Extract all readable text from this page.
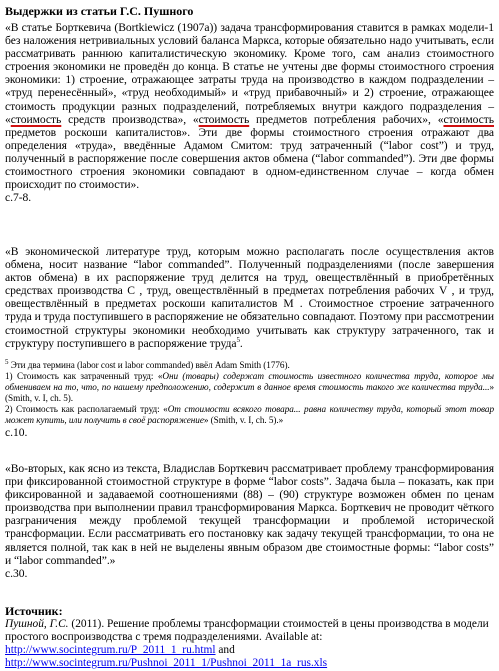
Выдержки из статьи Г.С. Пушного

«В статье Борткевича (Bortkiewicz (1907a)) задача трансформирования ставится в рамках модели-1 без наложения нетривиальных условий баланса Маркса, которые обязательно надо учитывать, если рассматривать раннюю капиталистическую экономику. Кроме того, сам анализ стоимостного строения экономики не проведён до конца. В статье не учтены две формы стоимостного строения экономики: 1) строение, отражающее затраты труда на производство в каждом подразделении – «труд перенесённый», «труд необходимый» и «труд прибавочный» и 2) строение, отражающее стоимость продукции разных подразделений, потребляемых внутри каждого подразделения – «стоимость средств производства», «стоимость предметов потребления рабочих», «стоимость предметов роскоши капиталистов». Эти две формы стоимостного строения отражают два определения «труда», введённые Адамом Смитом: труд затраченный (“labor cost”) и труд, полученный в распоряжение после совершения актов обмена (“labor commanded”). Эти две формы стоимостного строения экономики совпадают в одном-единственном случае – когда обмен происходит по стоимости».
с.7-8.

«В экономической литературе труд, которым можно располагать после осуществления актов обмена, носит название “labor commanded”. Полученный подразделениями (после завершения актов обмена) в их распоряжение труд делится на труд, овеществлённый в приобретённых средствах производства C , труд, овеществлённый в предметах потребления рабочих V , и труд, овеществлённый в предметах роскоши капиталистов M . Стоимостное строение затраченного труда и труда поступившего в распоряжение не обязательно совпадают. Поэтому при рассмотрении стоимостной структуры экономики необходимо учитывать как структуру затраченного, так и структуру поступившего в распоряжение труда$^5$.

$^5$ Эти два термина (labor cost и labor commanded) ввёл Adam Smith (1776).

1) Стоимость как затраченный труд: «Они (товары) содержат стоимость известного количества труда, которое мы обмениваем на то, что, по нашему предположению, содержит в данное время стоимость такого же количества труда...» (Smith, v. I, ch. 5).

2) Стоимость как располагаемый труд: «От стоимости всякого товара... равна количеству труда, который этот товар может купить, или получить в своё распоряжение» (Smith, v. I, ch. 5).»

с.10.

«Во-вторых, как ясно из текста, Владислав Борткевич рассматривает проблему трансформирования при фиксированной стоимостной структуре в форме “labor costs”. Задача была – показать, как при фиксированной и задаваемой соотношениями (88) – (90) структуре возможен обмен по ценам производства при выполнении правил трансформирования Маркса. Борткевич не проводит чёткого разграничения между проблемой текущей трансформации и проблемой исторической трансформации. Если рассматривать его постановку как задачу текущей трансформации, то она не является полной, так как в ней не выделены явным образом две стоимостные формы: “labor costs” и “labor commanded”.»
с.30.

Источник:

Пушной, Г.С. (2011). Решение проблемы трансформации стоимостей в цены производства в модели простого воспроизводства с тремя подразделениями. Available at:
http://www.socintegrum.ru/P_2011_1_ru.html and
http://www.socintegrum.ru/Pushnoi_2011_1/Pushnoi_2011_1a_rus.xls
